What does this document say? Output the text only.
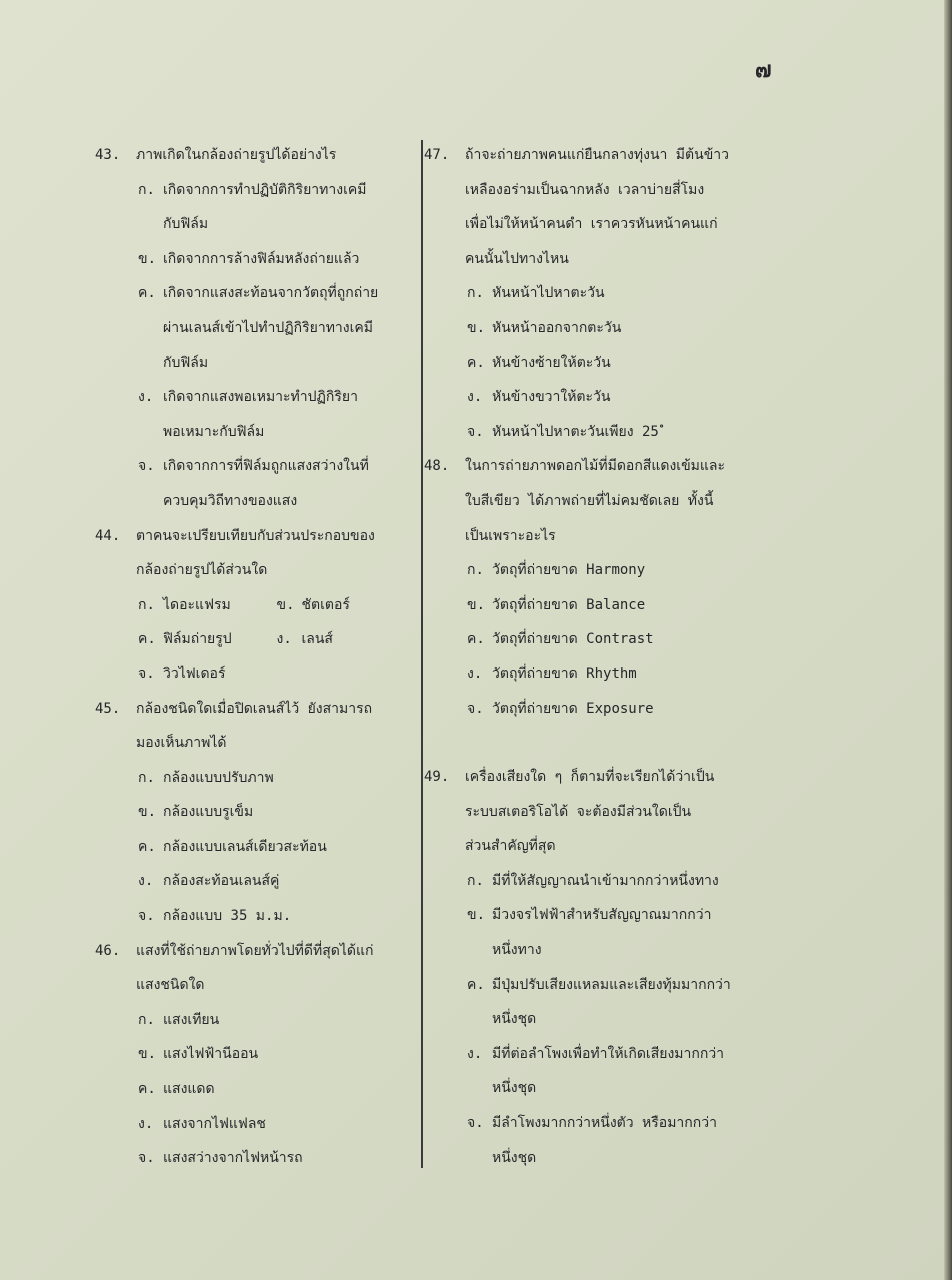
๗
43.	ภาพเกิดในกล้องถ่ายรูปได้อย่างไร
ก. เกิดจากการทำปฏิบัติกิริยาทางเคมี
กับฟิล์ม
ข. เกิดจากการล้างฟิล์มหลังถ่ายแล้ว
ค. เกิดจากแสงสะท้อนจากวัตถุที่ถูกถ่าย
ผ่านเลนส์เข้าไปทำปฏิกิริยาทางเคมี
กับฟิล์ม
ง. เกิดจากแสงพอเหมาะทำปฏิกิริยา
พอเหมาะกับฟิล์ม
จ. เกิดจากการที่ฟิล์มถูกแสงสว่างในที่
ควบคุมวิถีทางของแสง
44.	ตาคนจะเปรียบเทียบกับส่วนประกอบของ
กล้องถ่ายรูปได้ส่วนใด
ก. ไดอะแฟรม	ข. ชัตเตอร์
ค. ฟิล์มถ่ายรูป	ง. เลนส์
จ. วิวไฟเดอร์
45.	กล้องชนิดใดเมื่อปิดเลนส์ไว้ ยังสามารถ
มองเห็นภาพได้
ก. กล้องแบบปรับภาพ
ข. กล้องแบบรูเข็ม
ค. กล้องแบบเลนส์เดียวสะท้อน
ง. กล้องสะท้อนเลนส์คู่
จ. กล้องแบบ 35 ม.ม.
46.	แสงที่ใช้ถ่ายภาพโดยทั่วไปที่ดีที่สุดได้แก่
แสงชนิดใด
ก. แสงเทียน
ข. แสงไฟฟ้านีออน
ค. แสงแดด
ง. แสงจากไฟแฟลช
จ. แสงสว่างจากไฟหน้ารถ
47.	ถ้าจะถ่ายภาพคนแก่ยืนกลางทุ่งนา มีต้นข้าว
เหลืองอร่ามเป็นฉากหลัง เวลาบ่ายสี่โมง
เพื่อไม่ให้หน้าคนดำ เราควรหันหน้าคนแก่
คนนั้นไปทางไหน
ก. หันหน้าไปหาตะวัน
ข. หันหน้าออกจากตะวัน
ค. หันข้างซ้ายให้ตะวัน
ง. หันข้างขวาให้ตะวัน
จ. หันหน้าไปหาตะวันเพียง 25 ํ
48.	ในการถ่ายภาพดอกไม้ที่มีดอกสีแดงเข้มและ
ใบสีเขียว ได้ภาพถ่ายที่ไม่คมชัดเลย ทั้งนี้
เป็นเพราะอะไร
ก. วัตถุที่ถ่ายขาด Harmony
ข. วัตถุที่ถ่ายขาด Balance
ค. วัตถุที่ถ่ายขาด Contrast
ง. วัตถุที่ถ่ายขาด Rhythm
จ. วัตถุที่ถ่ายขาด Exposure
49.	เครื่องเสียงใด ๆ ก็ตามที่จะเรียกได้ว่าเป็น
ระบบสเตอริโอได้ จะต้องมีส่วนใดเป็น
ส่วนสำคัญที่สุด
ก. มีที่ให้สัญญาณนำเข้ามากกว่าหนึ่งทาง
ข. มีวงจรไฟฟ้าสำหรับสัญญาณมากกว่า
หนึ่งทาง
ค. มีปุ่มปรับเสียงแหลมและเสียงทุ้มมากกว่า
หนึ่งชุด
ง. มีที่ต่อลำโพงเพื่อทำให้เกิดเสียงมากกว่า
หนึ่งชุด
จ. มีลำโพงมากกว่าหนึ่งตัว หรือมากกว่า
หนึ่งชุด
